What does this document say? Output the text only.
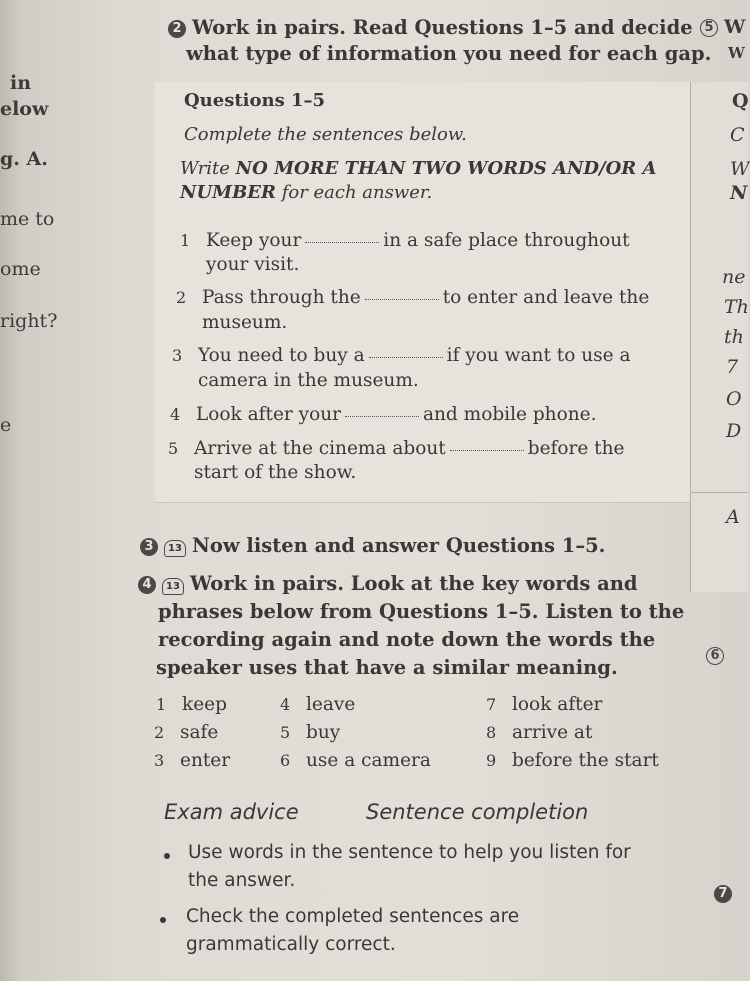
in
elow
g. A.
me to
ome
right?
e
2 Work in pairs. Read Questions 1–5 and decide
what type of information you need for each gap.
Questions 1–5
Complete the sentences below.
Write NO MORE THAN TWO WORDS AND/OR A
NUMBER for each answer.
1 Keep your	in a safe place throughout
your visit.
2 Pass through the	to enter and leave the
museum.
3 You need to buy a	if you want to use a
camera in the museum.
4 Look after your	and mobile phone.
5 Arrive at the cinema about	before the
start of the show.
5 W
W
Q
C
W
N
ne
Th
th
7
O
D
A
6
7
3 13 Now listen and answer Questions 1–5.
4 13 Work in pairs. Look at the key words and
phrases below from Questions 1–5. Listen to the
recording again and note down the words the
speaker uses that have a similar meaning.
1 keep	4 leave	7 look after
2 safe	5 buy	8 arrive at
3 enter	6 use a camera	9 before the start
Exam advice	Sentence completion
Use words in the sentence to help you listen for
the answer.
Check the completed sentences are
grammatically correct.
